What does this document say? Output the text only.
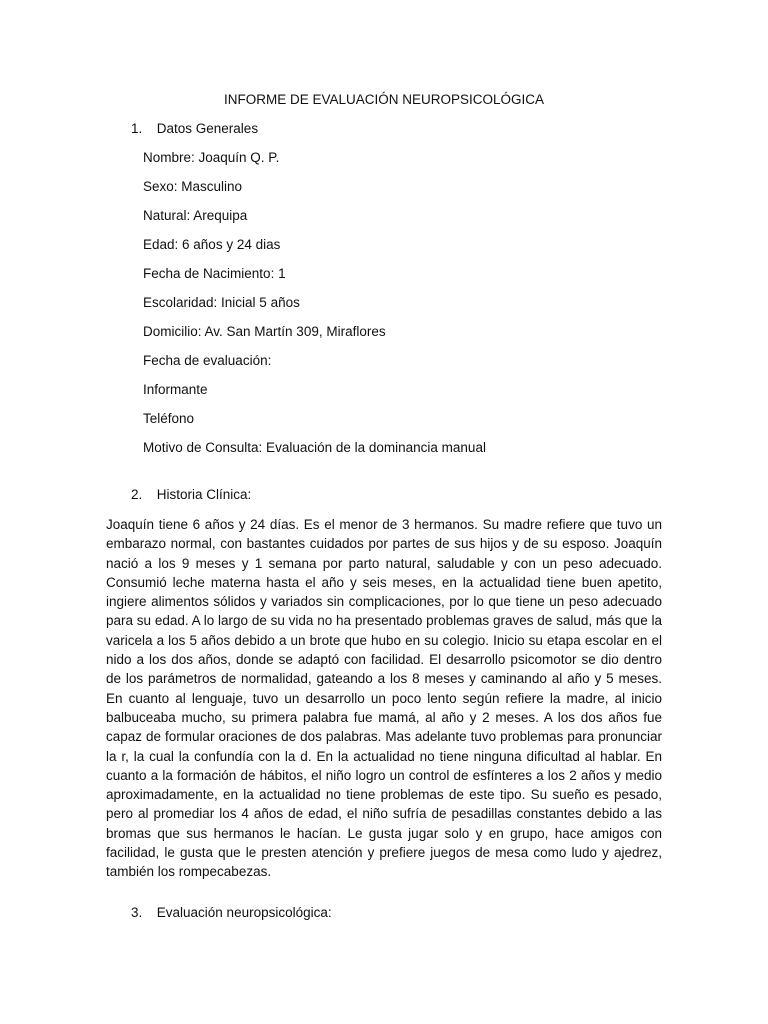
INFORME DE EVALUACIÓN NEUROPSICOLÓGICA
1. Datos Generales
Nombre: Joaquín Q. P.
Sexo: Masculino
Natural: Arequipa
Edad: 6 años y 24 dias
Fecha de Nacimiento: 1
Escolaridad: Inicial 5 años
Domicilio: Av. San Martín 309, Miraflores
Fecha de evaluación:
Informante
Teléfono
Motivo de Consulta: Evaluación de la dominancia manual
2. Historia Clínica:

Joaquín tiene 6 años y 24 días. Es el menor de 3 hermanos. Su madre refiere que tuvo un embarazo normal, con bastantes cuidados por partes de sus hijos y de su esposo. Joaquín nació a los 9 meses y 1 semana por parto natural, saludable y con un peso adecuado. Consumió leche materna hasta el año y seis meses, en la actualidad tiene buen apetito, ingiere alimentos sólidos y variados sin complicaciones, por lo que tiene un peso adecuado para su edad. A lo largo de su vida no ha presentado problemas graves de salud, más que la varicela a los 5 años debido a un brote que hubo en su colegio. Inicio su etapa escolar en el nido a los dos años, donde se adaptó con facilidad. El desarrollo psicomotor se dio dentro de los parámetros de normalidad, gateando a los 8 meses y caminando al año y 5 meses. En cuanto al lenguaje, tuvo un desarrollo un poco lento según refiere la madre, al inicio balbuceaba mucho, su primera palabra fue mamá, al año y 2 meses. A los dos años fue capaz de formular oraciones de dos palabras. Mas adelante tuvo problemas para pronunciar la r, la cual la confundía con la d. En la actualidad no tiene ninguna dificultad al hablar. En cuanto a la formación de hábitos, el niño logro un control de esfínteres a los 2 años y medio aproximadamente, en la actualidad no tiene problemas de este tipo. Su sueño es pesado, pero al promediar los 4 años de edad, el niño sufría de pesadillas constantes debido a las bromas que sus hermanos le hacían. Le gusta jugar solo y en grupo, hace amigos con facilidad, le gusta que le presten atención y prefiere juegos de mesa como ludo y ajedrez, también los rompecabezas.

3. Evaluación neuropsicológica:
